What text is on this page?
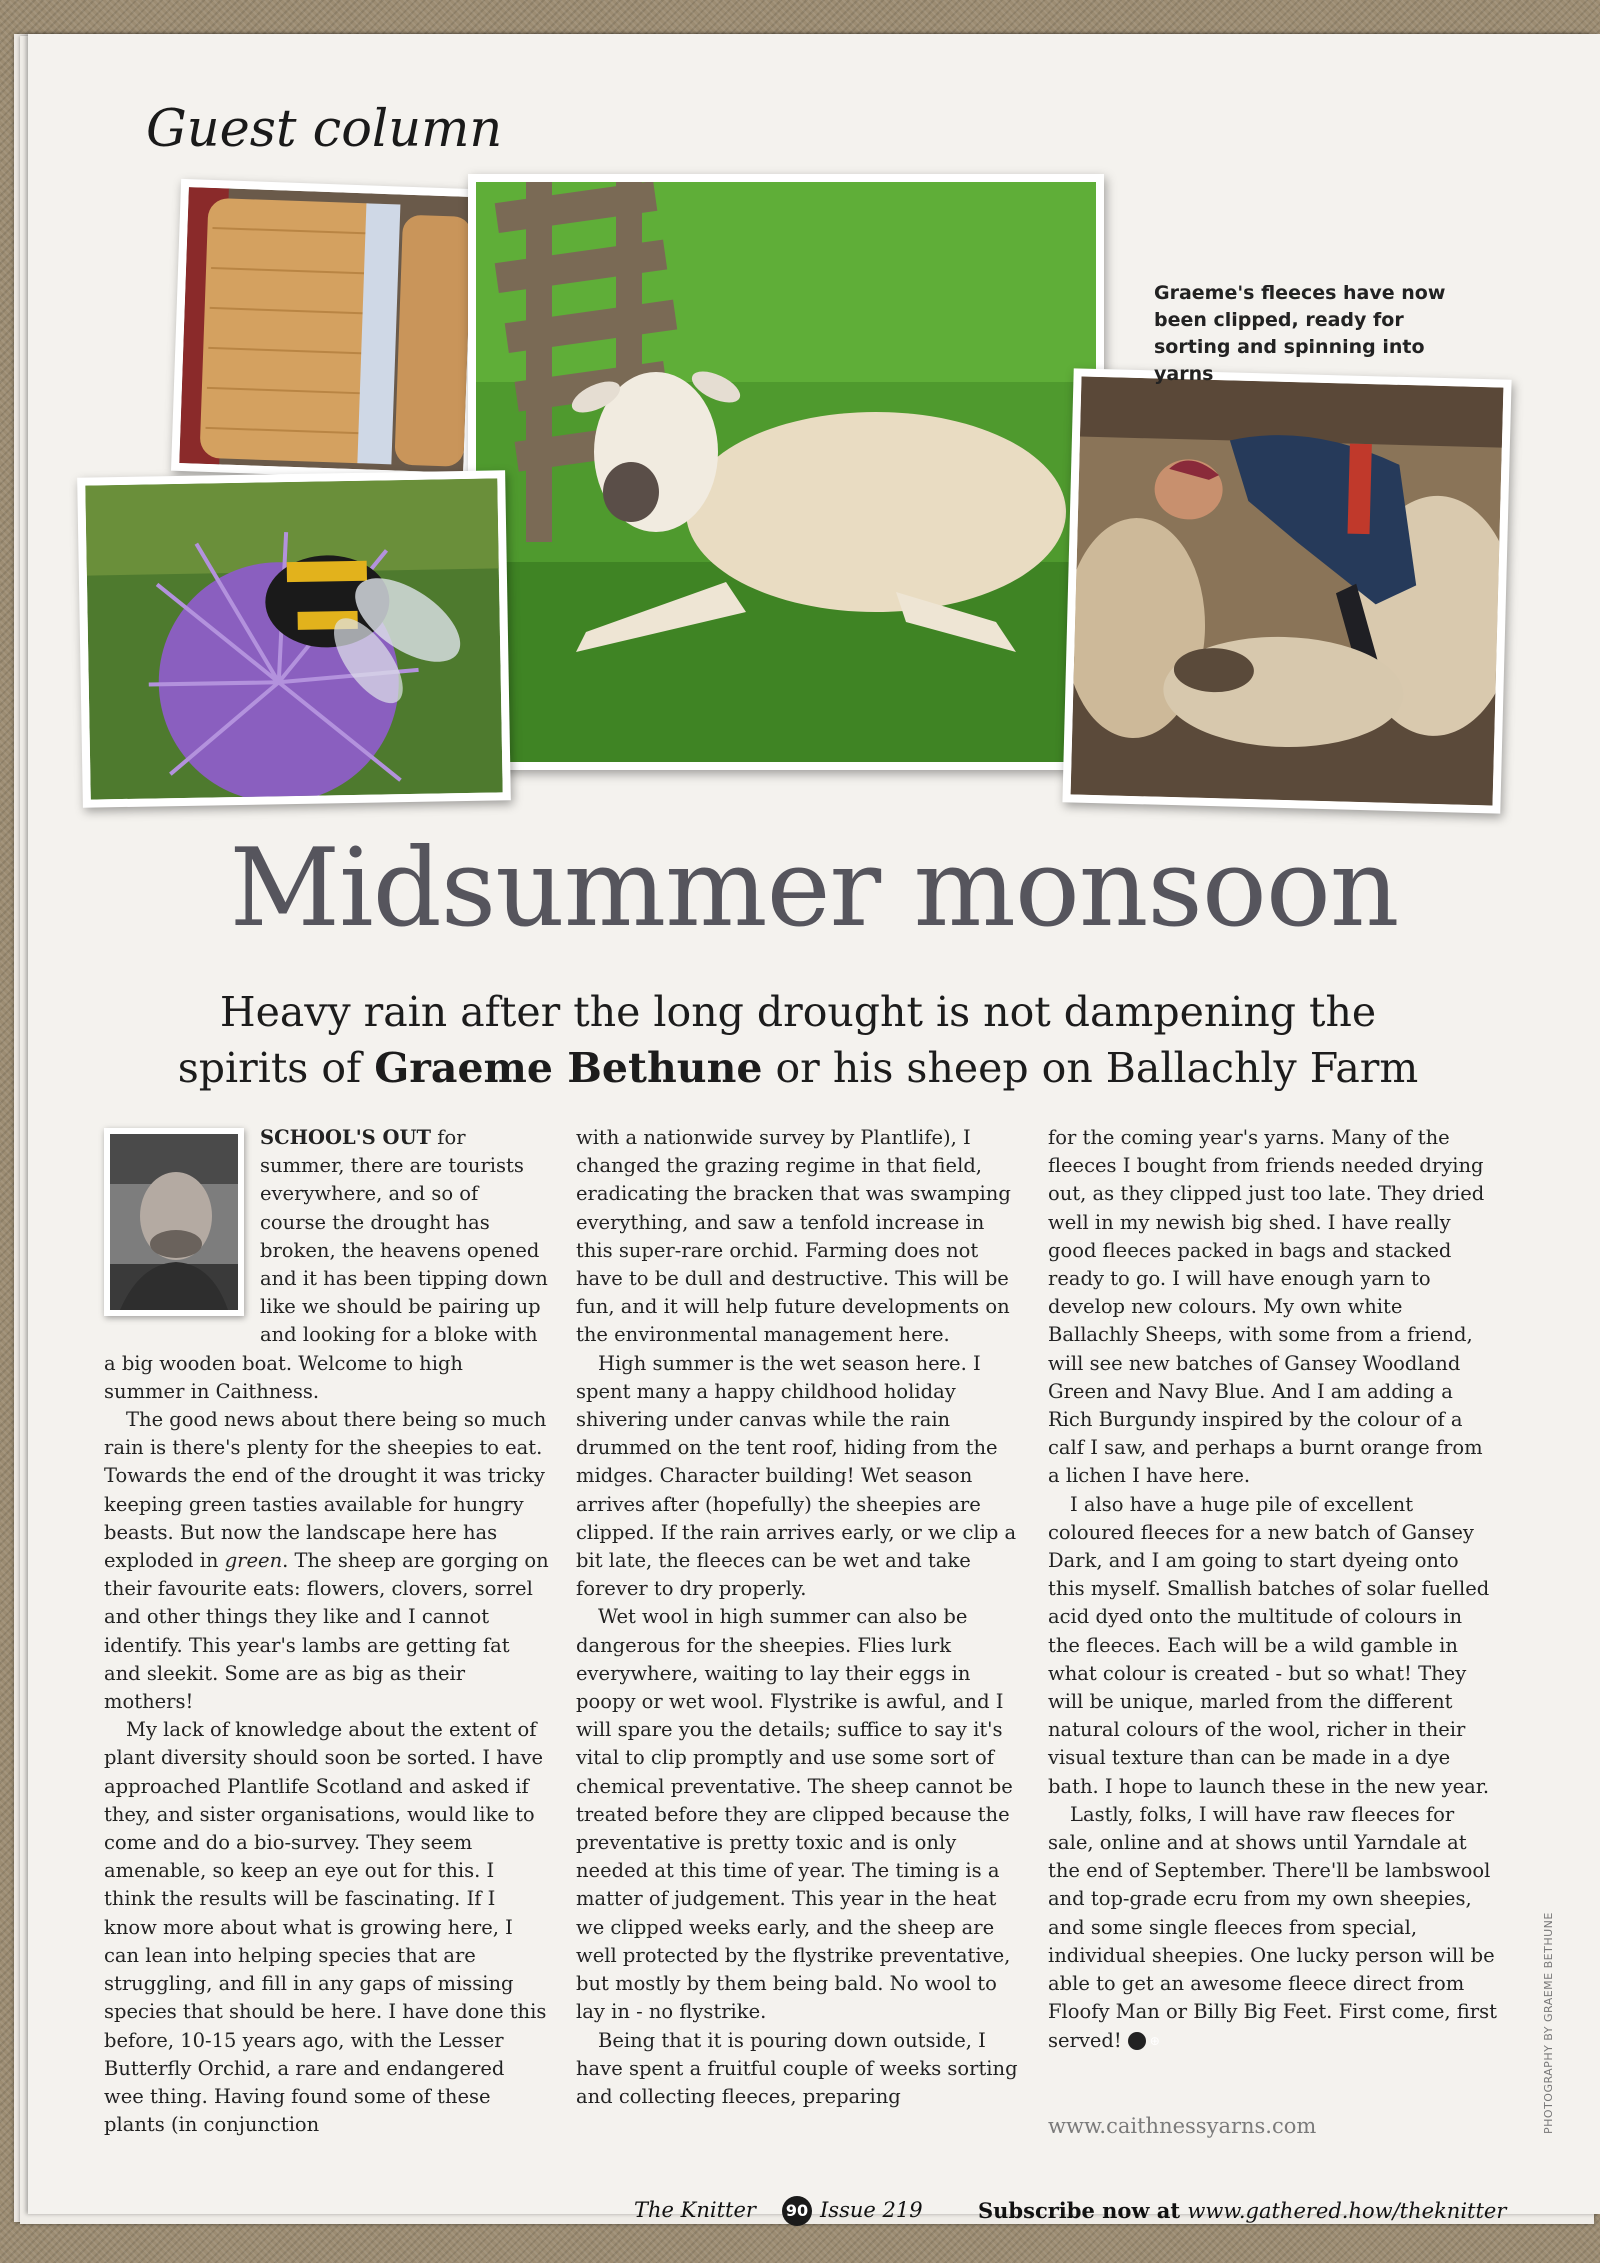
Guest column

Graeme's fleeces have now been clipped, ready for sorting and spinning into yarns

Midsummer monsoon

Heavy rain after the long drought is not dampening the spirits of Graeme Bethune or his sheep on Ballachly Farm

SCHOOL'S OUT for summer, there are tourists everywhere, and so of course the drought has broken, the heavens opened and it has been tipping down like we should be pairing up and looking for a bloke with a big wooden boat. Welcome to high summer in Caithness.

The good news about there being so much rain is there's plenty for the sheepies to eat. Towards the end of the drought it was tricky keeping green tasties available for hungry beasts. But now the landscape here has exploded in green. The sheep are gorging on their favourite eats: flowers, clovers, sorrel and other things they like and I cannot identify. This year's lambs are getting fat and sleekit. Some are as big as their mothers!

My lack of knowledge about the extent of plant diversity should soon be sorted. I have approached Plantlife Scotland and asked if they, and sister organisations, would like to come and do a bio-survey. They seem amenable, so keep an eye out for this. I think the results will be fascinating. If I know more about what is growing here, I can lean into helping species that are struggling, and fill in any gaps of missing species that should be here. I have done this before, 10-15 years ago, with the Lesser Butterfly Orchid, a rare and endangered wee thing. Having found some of these plants (in conjunction

with a nationwide survey by Plantlife), I changed the grazing regime in that field, eradicating the bracken that was swamping everything, and saw a tenfold increase in this super-rare orchid. Farming does not have to be dull and destructive. This will be fun, and it will help future developments on the environmental management here.

High summer is the wet season here. I spent many a happy childhood holiday shivering under canvas while the rain drummed on the tent roof, hiding from the midges. Character building! Wet season arrives after (hopefully) the sheepies are clipped. If the rain arrives early, or we clip a bit late, the fleeces can be wet and take forever to dry properly.

Wet wool in high summer can also be dangerous for the sheepies. Flies lurk everywhere, waiting to lay their eggs in poopy or wet wool. Flystrike is awful, and I will spare you the details; suffice to say it's vital to clip promptly and use some sort of chemical preventative. The sheep cannot be treated before they are clipped because the preventative is pretty toxic and is only needed at this time of year. The timing is a matter of judgement. This year in the heat we clipped weeks early, and the sheep are well protected by the flystrike preventative, but mostly by them being bald. No wool to lay in - no flystrike.

Being that it is pouring down outside, I have spent a fruitful couple of weeks sorting and collecting fleeces, preparing

for the coming year's yarns. Many of the fleeces I bought from friends needed drying out, as they clipped just too late. They dried well in my newish big shed. I have really good fleeces packed in bags and stacked ready to go. I will have enough yarn to develop new colours. My own white Ballachly Sheeps, with some from a friend, will see new batches of Gansey Woodland Green and Navy Blue. And I am adding a Rich Burgundy inspired by the colour of a calf I saw, and perhaps a burnt orange from a lichen I have here.

I also have a huge pile of excellent coloured fleeces for a new batch of Gansey Dark, and I am going to start dyeing onto this myself. Smallish batches of solar fuelled acid dyed onto the multitude of colours in the fleeces. Each will be a wild gamble in what colour is created - but so what! They will be unique, marled from the different natural colours of the wool, richer in their visual texture than can be made in a dye bath. I hope to launch these in the new year.

Lastly, folks, I will have raw fleeces for sale, online and at shows until Yarndale at the end of September. There'll be lambswool and top-grade ecru from my own sheepies, and some single fleeces from special, individual sheepies. One lucky person will be able to get an awesome fleece direct from Floofy Man or Billy Big Feet. First come, first served! ⊕

www.caithnessyarns.com	PHOTOGRAPHY BY GRAEME BETHUNE

The Knitter 90 Issue 219	Subscribe now at www.gathered.how/theknitter
